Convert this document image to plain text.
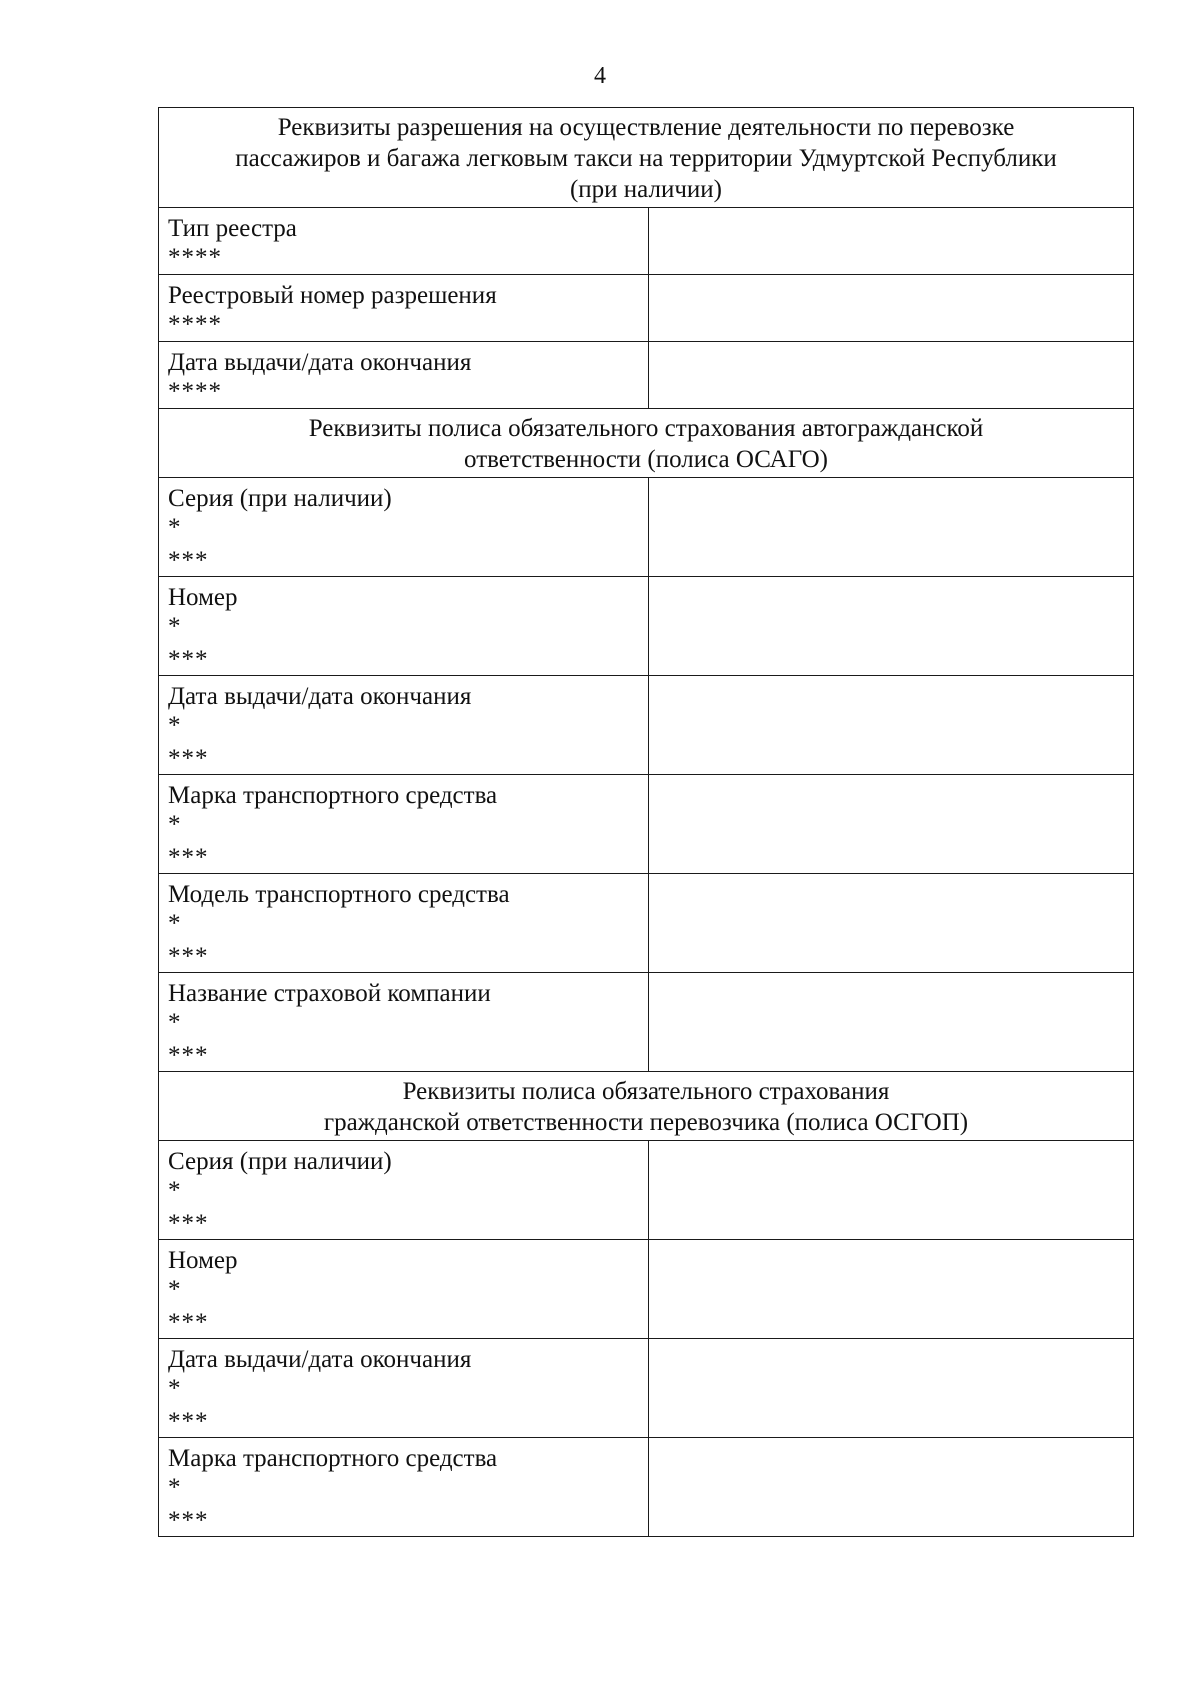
4
Реквизиты разрешения на осуществление деятельности по перевозке
пассажиров и багажа легковым такси на территории Удмуртской Республики
(при наличии)	

Тип реестра
****	

Реестровый номер разрешения
****	

Дата выдачи/дата окончания
****	

Реквизиты полиса обязательного страхования автогражданской
ответственности (полиса ОСАГО)	

Серия (при наличии)
*
***	

Номер
*
***	

Дата выдачи/дата окончания
*
***	

Марка транспортного средства
*
***	

Модель транспортного средства
*
***	

Название страховой компании
*
***	

Реквизиты полиса обязательного страхования
гражданской ответственности перевозчика (полиса ОСГОП)	

Серия (при наличии)
*
***	

Номер
*
***	

Дата выдачи/дата окончания
*
***	

Марка транспортного средства
*
***	
